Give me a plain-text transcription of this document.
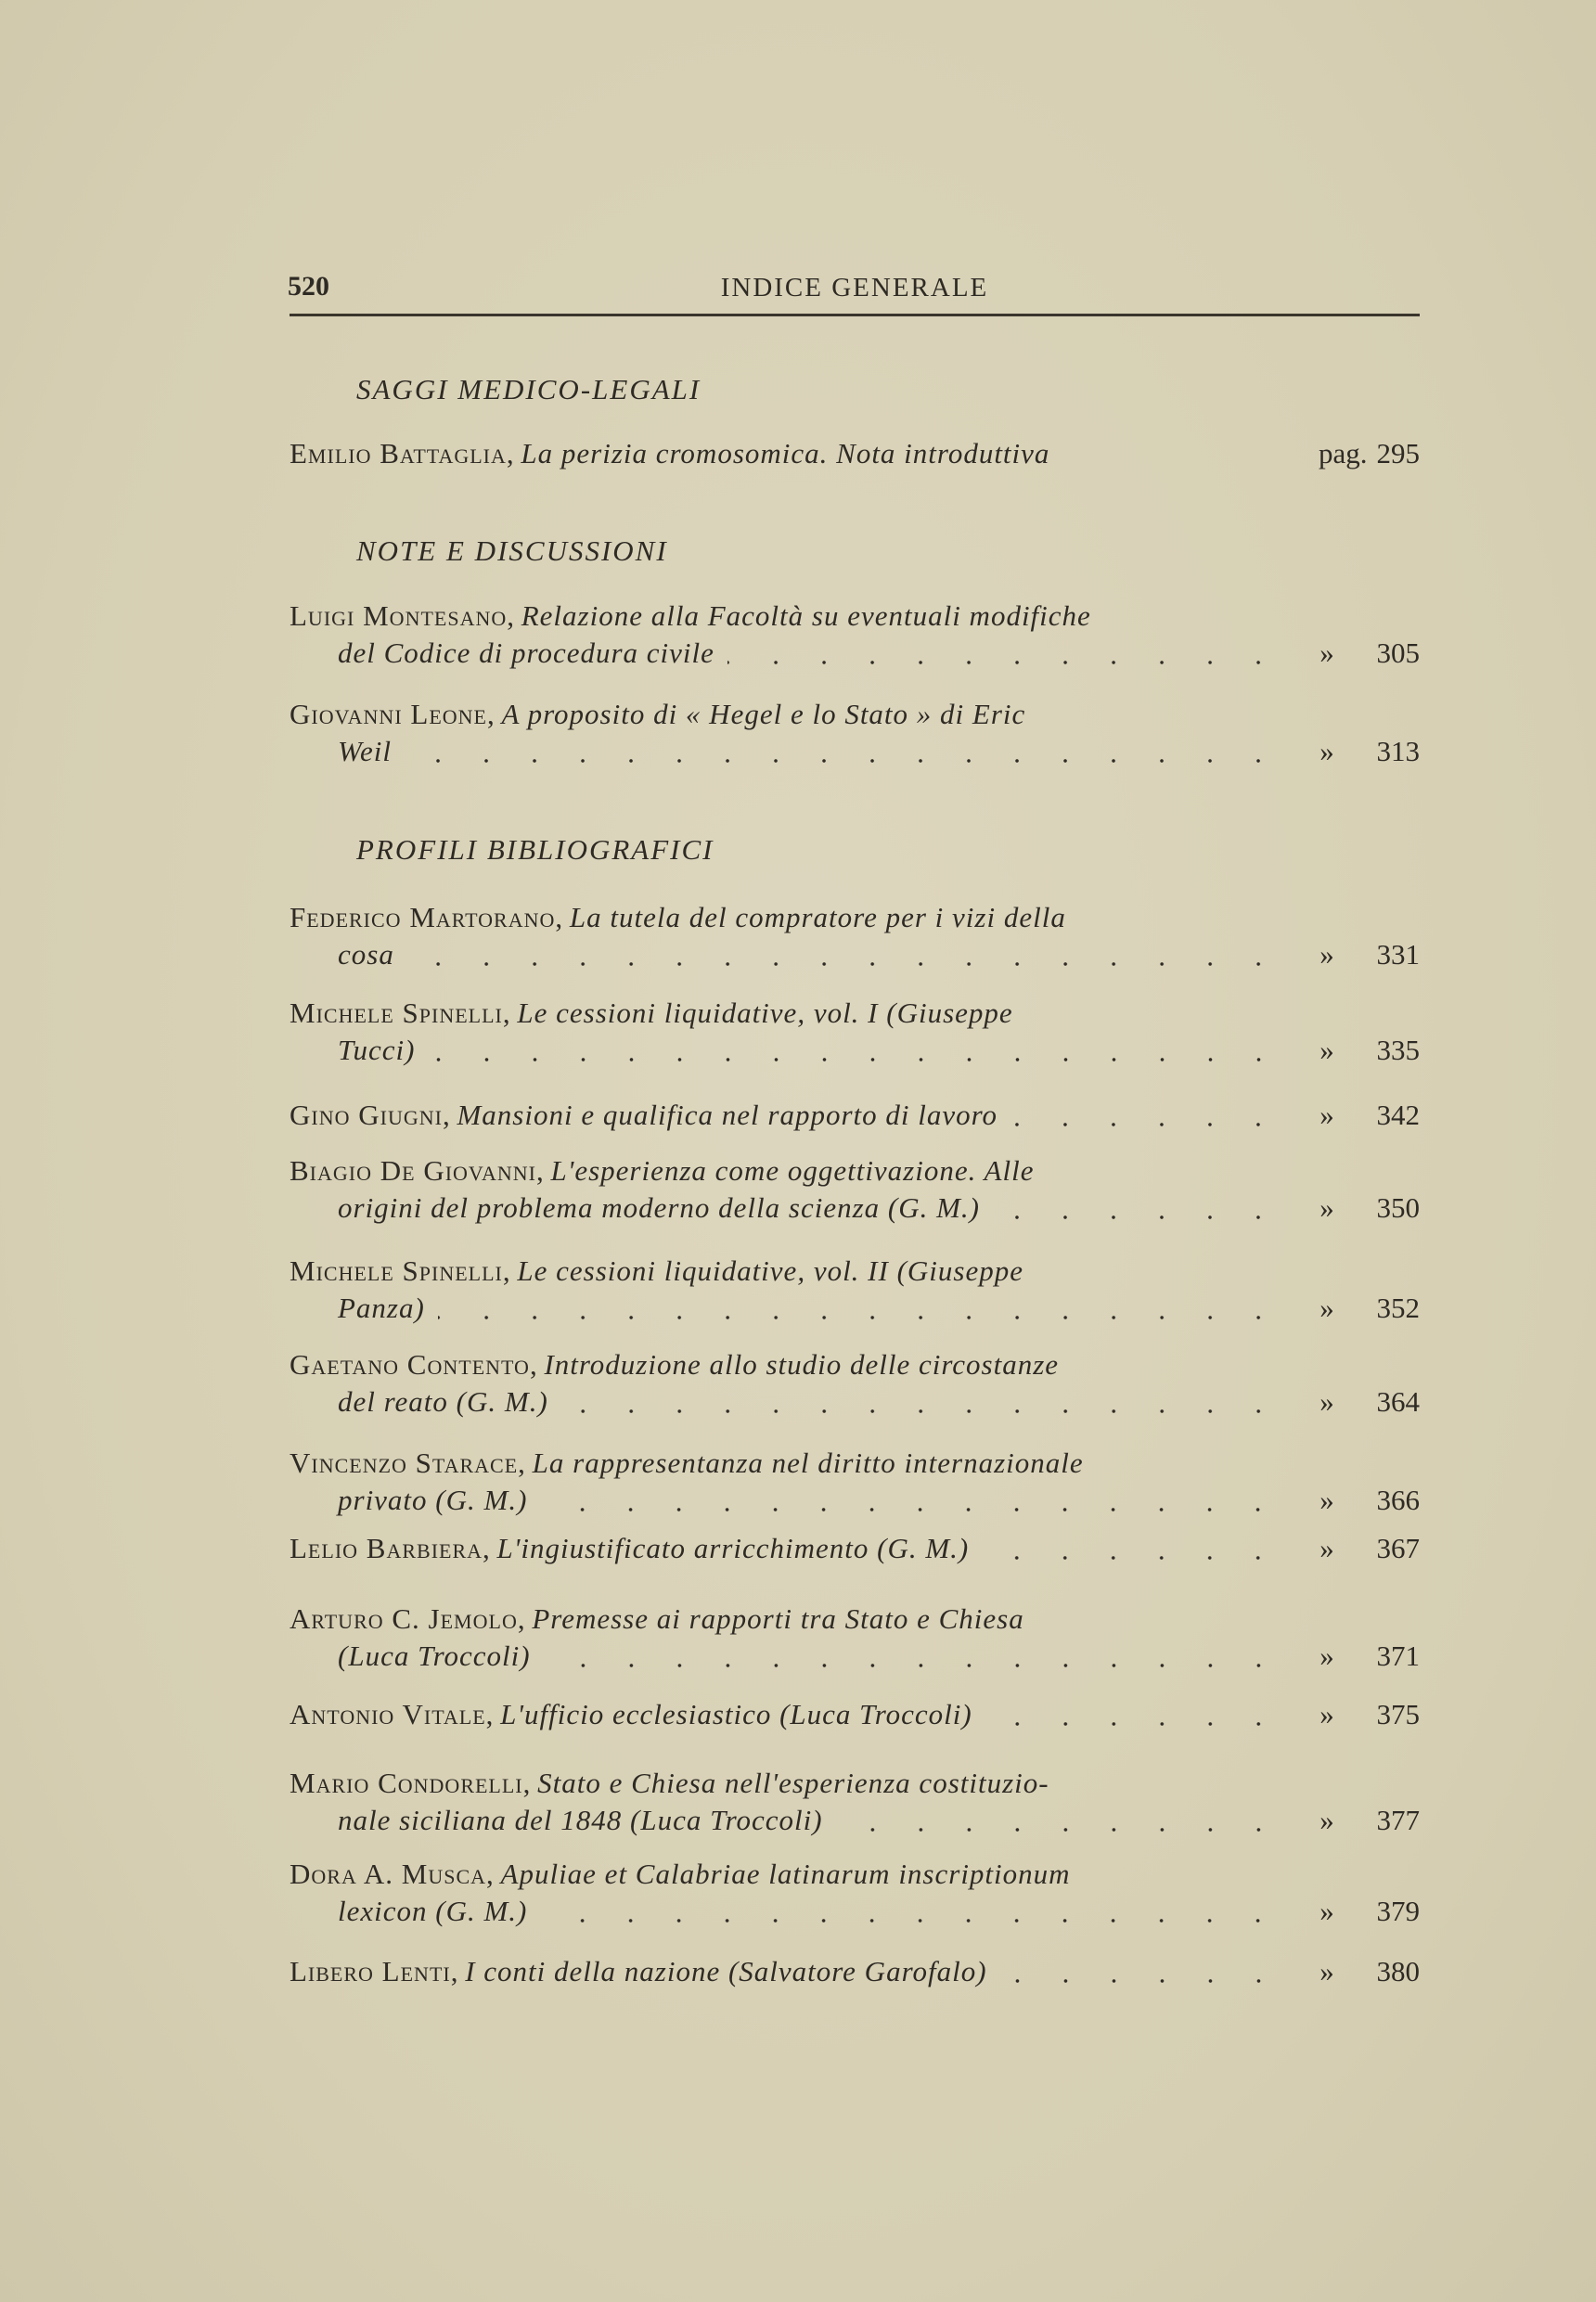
520	INDICE GENERALE
SAGGI MEDICO-LEGALI
Emilio Battaglia , La perizia cromosomica. Nota introduttiva	pag. 295
NOTE E DISCUSSIONI
Luigi Montesano , Relazione alla Facoltà su eventuali modifiche
del Codice di procedura civile	»	305
Giovanni Leone , A proposito di « Hegel e lo Stato » di Eric
Weil	»	313
PROFILI BIBLIOGRAFICI
Federico Martorano , La tutela del compratore per i vizi della
cosa	»	331
Michele Spinelli , Le cessioni liquidative, vol. I (Giuseppe
Tucci)	»	335
Gino Giugni , Mansioni e qualifica nel rapporto di lavoro	»	342
Biagio De Giovanni , L'esperienza come oggettivazione. Alle
origini del problema moderno della scienza (G. M.)	»	350
Michele Spinelli , Le cessioni liquidative, vol. II (Giuseppe
Panza)	»	352
Gaetano Contento , Introduzione allo studio delle circostanze
del reato (G. M.)	»	364
Vincenzo Starace , La rappresentanza nel diritto internazionale
privato (G. M.)	»	366
Lelio Barbiera , L'ingiustificato arricchimento (G. M.)	»	367
Arturo C. Jemolo , Premesse ai rapporti tra Stato e Chiesa
(Luca Troccoli)	»	371
Antonio Vitale , L'ufficio ecclesiastico (Luca Troccoli)	»	375
Mario Condorelli , Stato e Chiesa nell'esperienza costituzio-
nale siciliana del 1848 (Luca Troccoli)	»	377
Dora A. Musca , Apuliae et Calabriae latinarum inscriptionum
lexicon (G. M.)	»	379
Libero Lenti , I conti della nazione (Salvatore Garofalo)	»	380
